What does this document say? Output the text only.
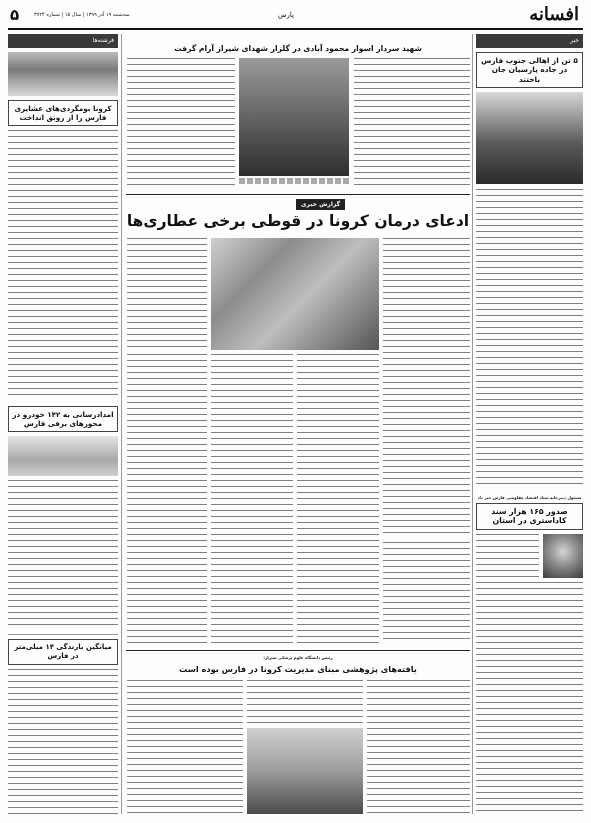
۵	سه‌شنبه ۱۹ آذر ۱۳۹۹ | سال ۱۵ | شماره ۳۷۲۴	پارس	افسانه
فرشته‌ها
کرونا بومگردی‌های عشایری فارس را از رونق انداخت
امدادرسانی به ۱۴۲ خودرو در محورهای برفی فارس
میانگین بارندگی ۱۴ میلی‌متر در فارس
خبر
۵ تن از اهالی جنوب فارس در جاده پارسیان جان باختند
مسئول دبیرخانه ستاد اقتصاد مقاومتی فارس خبر داد
صدور ۱۶۵ هزار سند کاداستری در استان
شهید سردار اسوار محمود آبادی در گلزار شهدای شیراز آرام گرفت
گزارش خبری
ادعای درمان کرونا در قوطی برخی عطاری‌ها
رئیس دانشگاه علوم پزشکی شیراز:
یافته‌های پژوهشی مبنای مدیریت کرونا در فارس بوده است
